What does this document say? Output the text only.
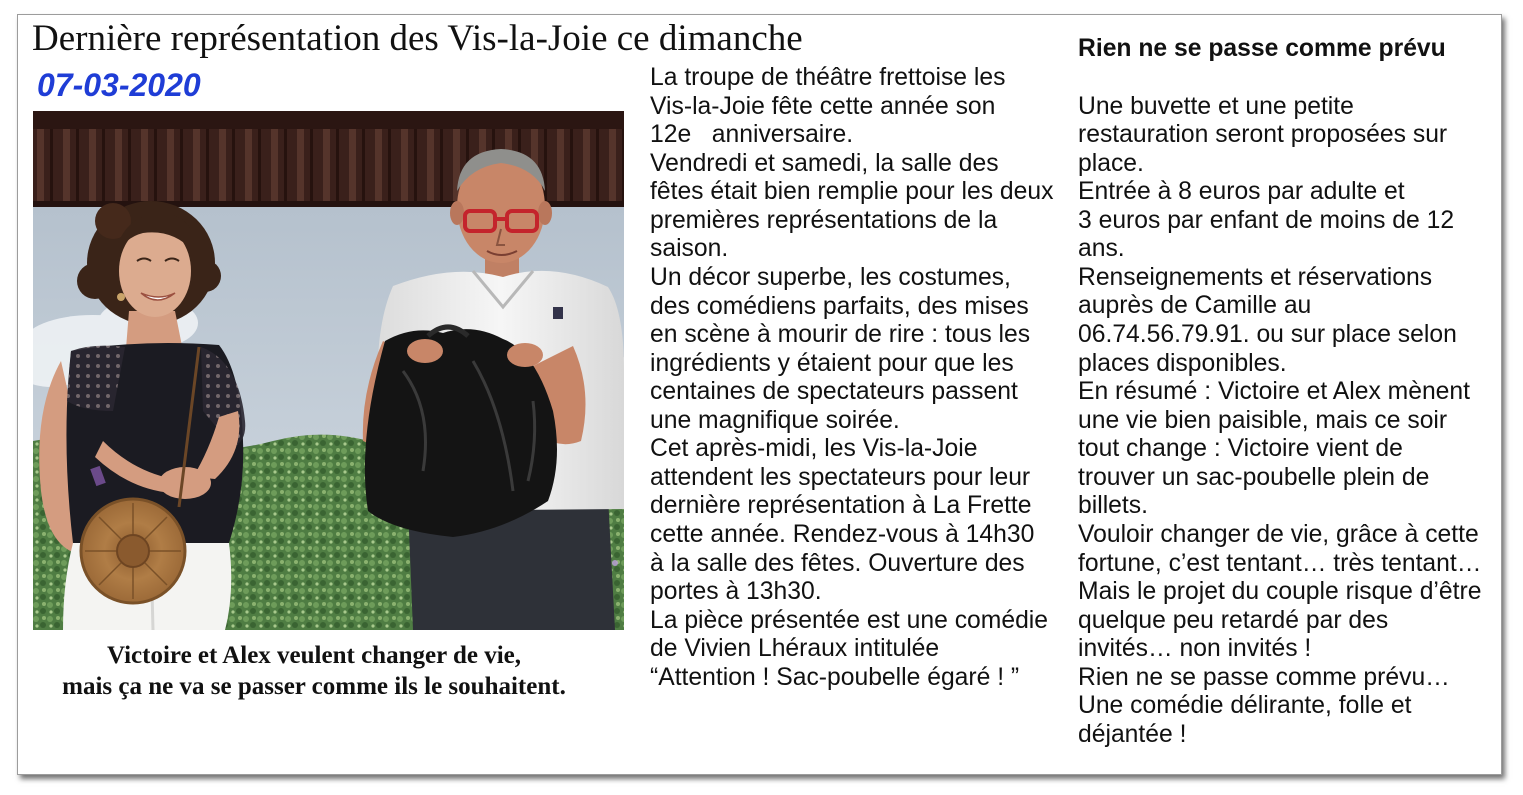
Dernière représentation des Vis-la-Joie ce dimanche
07-03-2020
Victoire et Alex veulent changer de vie,
mais ça ne va se passer comme ils le souhaitent.
La troupe de théâtre frettoise les
Vis-la-Joie fête cette année son
12e   anniversaire.
Vendredi et samedi, la salle des
fêtes était bien remplie pour les deux
premières représentations de la
saison.
Un décor superbe, les costumes,
des comédiens parfaits, des mises
en scène à mourir de rire : tous les
ingrédients y étaient pour que les
centaines de spectateurs passent
une magnifique soirée.
Cet après-midi, les Vis-la-Joie
attendent les spectateurs pour leur
dernière représentation à La Frette
cette année. Rendez-vous à 14h30
à la salle des fêtes. Ouverture des
portes à 13h30.
La pièce présentée est une comédie
de Vivien Lhéraux intitulée
“Attention ! Sac-poubelle égaré ! ”
Rien ne se passe comme prévu
Une buvette et une petite
restauration seront proposées sur
place.
Entrée à 8 euros par adulte et
3 euros par enfant de moins de 12
ans.
Renseignements et réservations
auprès de Camille au
06.74.56.79.91. ou sur place selon
places disponibles.
En résumé : Victoire et Alex mènent
une vie bien paisible, mais ce soir
tout change : Victoire vient de
trouver un sac-poubelle plein de
billets.
Vouloir changer de vie, grâce à cette
fortune, c’est tentant… très tentant…
Mais le projet du couple risque d’être
quelque peu retardé par des
invités… non invités !
Rien ne se passe comme prévu…
Une comédie délirante, folle et
déjantée !
